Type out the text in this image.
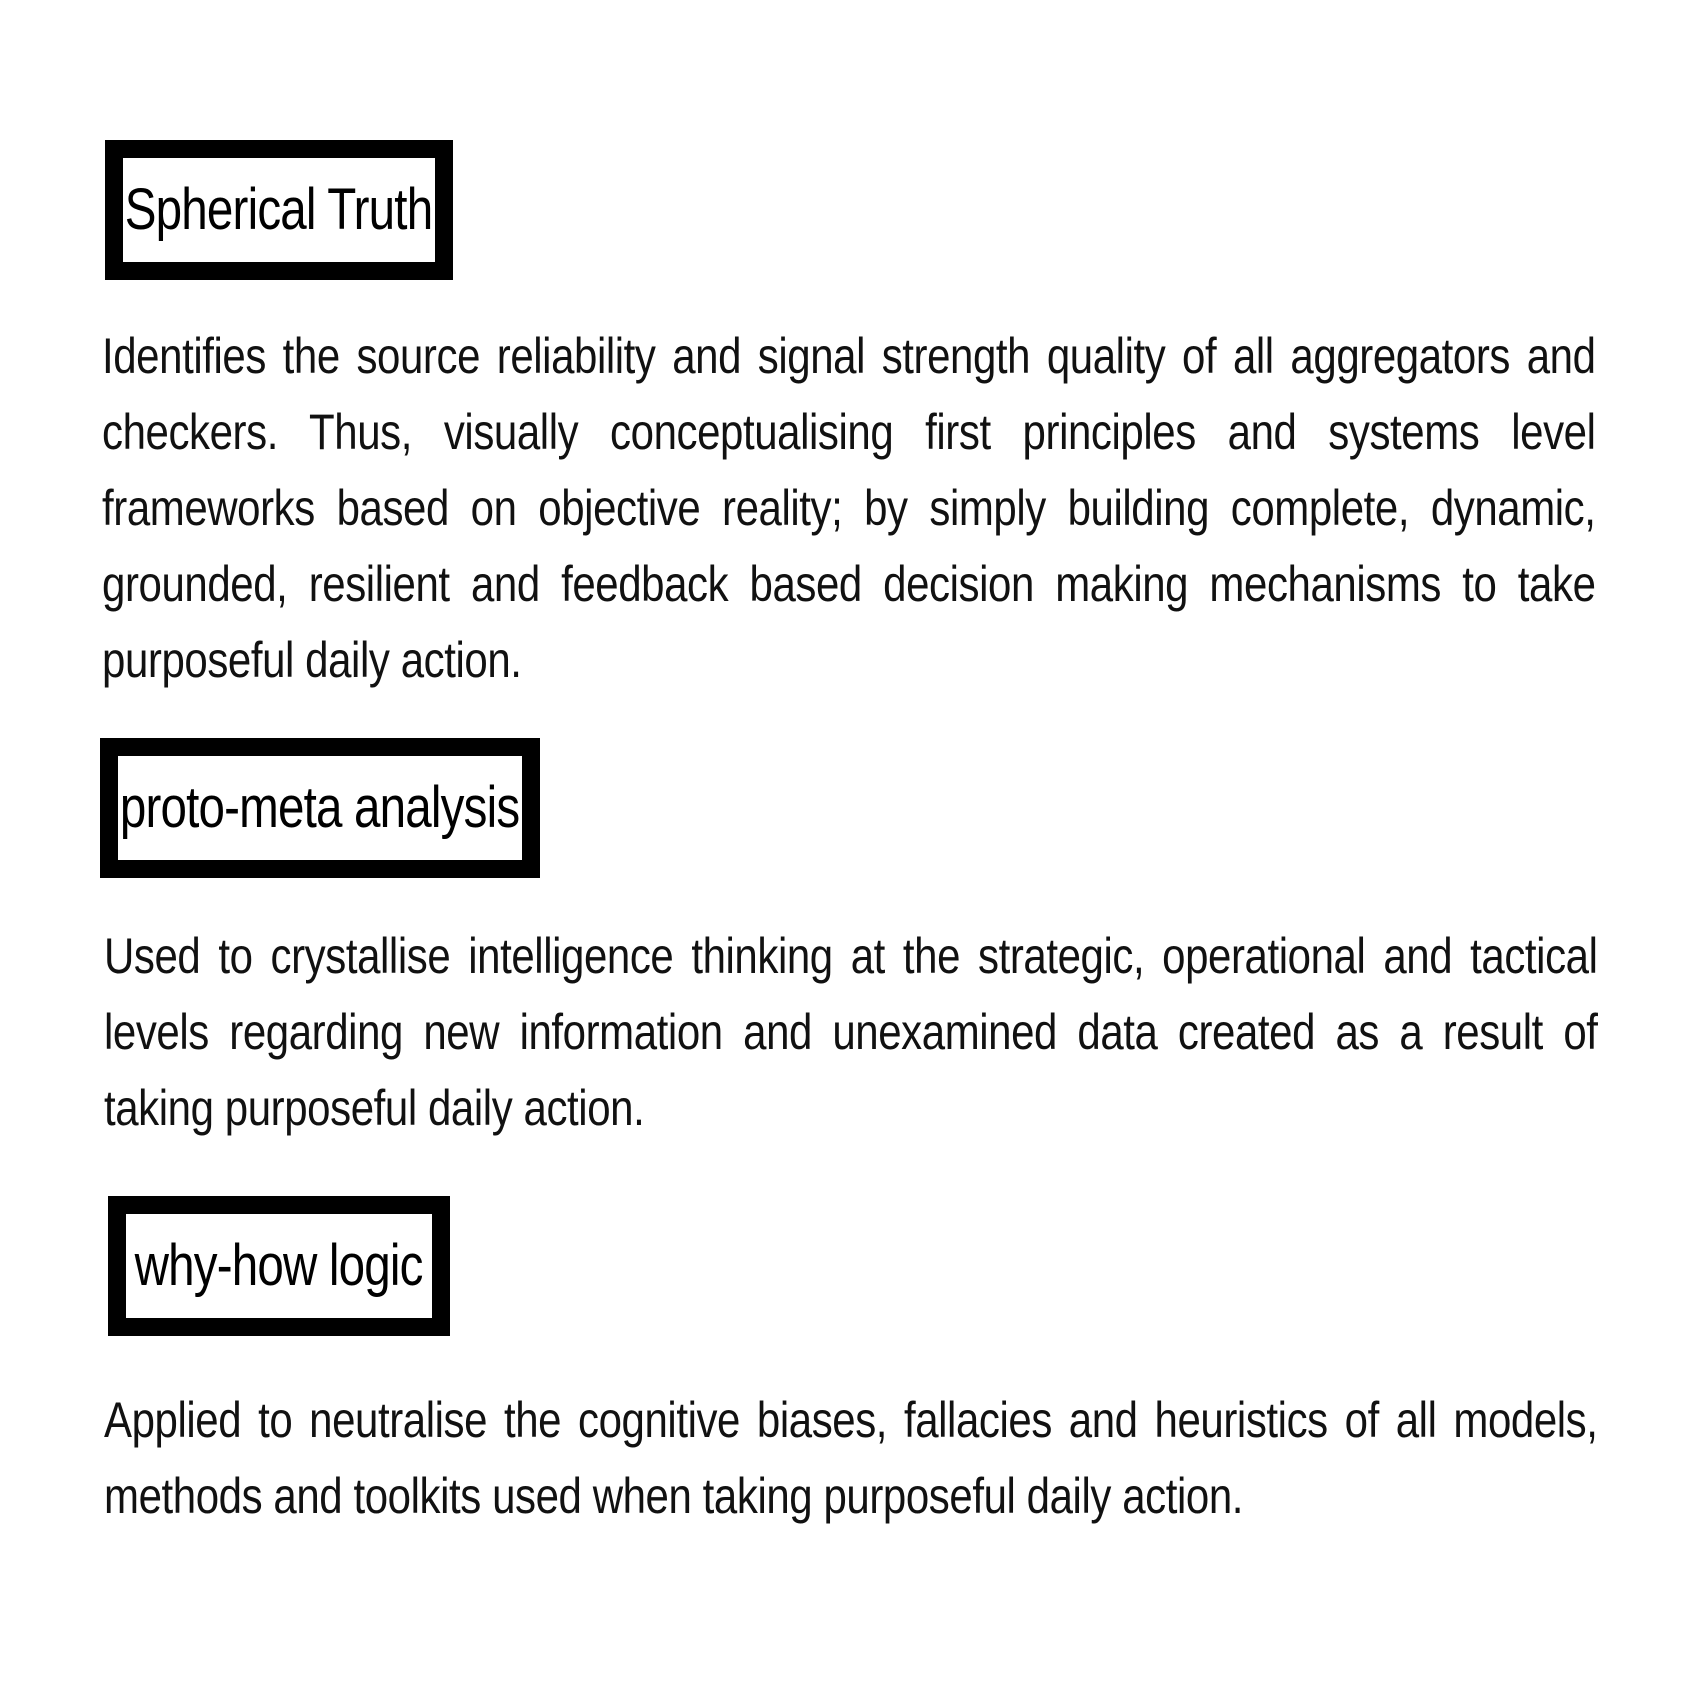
Spherical Truth

Identifies the source reliability and signal strength quality of all aggregators and checkers. Thus, visually conceptualising first principles and systems level frameworks based on objective reality; by simply building complete, dynamic, grounded, resilient and feedback based decision making mechanisms to take purposeful daily action.

proto-meta analysis

Used to crystallise intelligence thinking at the strategic, operational and tactical levels regarding new information and unexamined data created as a result of taking purposeful daily action.

why-how logic

Applied to neutralise the cognitive biases, fallacies and heuristics of all models, methods and toolkits used when taking purposeful daily action.
